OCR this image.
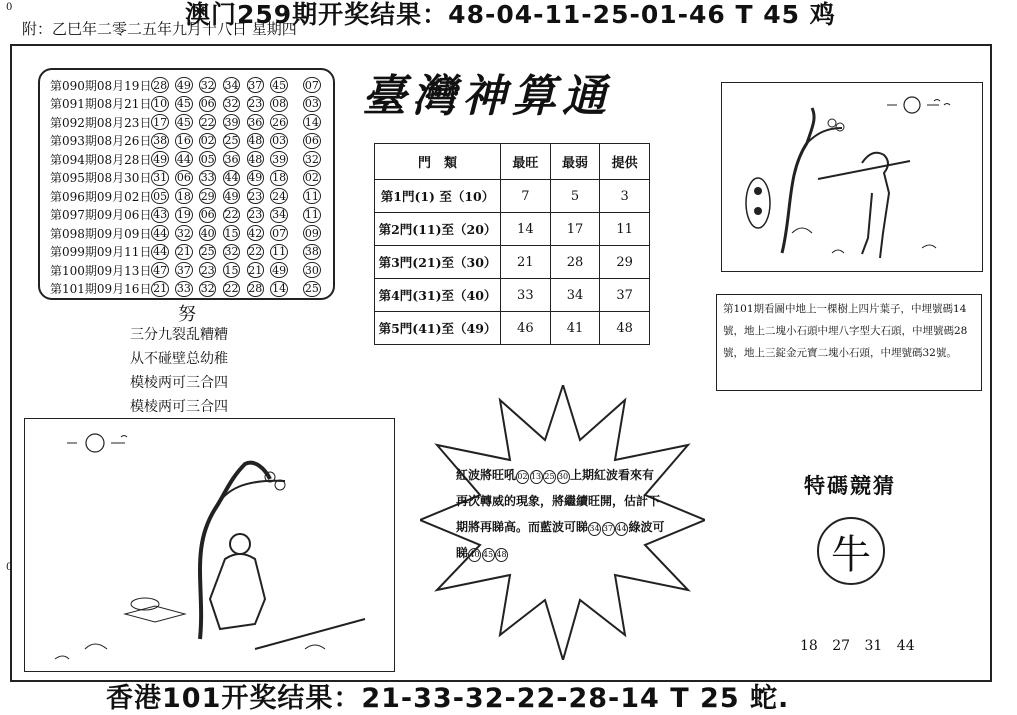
0
0
澳门259期开奖结果：48-04-11-25-01-46 T 45 鸡
附：乙巳年二零二五年九月十八日 星期四
第090期08月19日 28 49 32 34 37 45 07
第091期08月21日 10 45 06 32 23 08 03
第092期08月23日 17 45 22 39 36 26 14
第093期08月26日 38 16 02 25 48 03 06
第094期08月28日 49 44 05 36 48 39 32
第095期08月30日 31 06 33 44 49 18 02
第096期09月02日 05 18 29 49 23 24 11
第097期09月06日 43 19 06 22 23 34 11
第098期09月09日 44 32 40 15 42 07 09
第099期09月11日 44 21 25 32 22 11 38
第100期09月13日 47 37 23 15 21 49 30
第101期09月16日 21 33 32 22 28 14 25
努
三分九裂乱糟糟
从不碰壁总幼稚
模棱两可三合四
模棱两可三合四
臺灣神算通
門　類	最旺	最弱	提供
第1門(1) 至（10）	7	5	3
第2門(11)至（20）	14	17	11
第3門(21)至（30）	21	28	29
第4門(31)至（40）	33	34	37
第5門(41)至（49）	46	41	48
第101期看圖中地上一棵樹上四片葉子，中埋號碼14號，地上二塊小石頭中埋八字型大石頭，中埋號碼28號，地上三錠金元寶二塊小石頭，中埋號碼32號。
紅波將旺吼02 13 25 30 上期紅波看來有再次轉威的現象，將繼續旺開，估計下期將再睇高。而藍波可睇34 37 44 綠波可睇40 45 48
特碼競猜
牛
18 27 31 44
香港101开奖结果：21-33-32-22-28-14 T 25 蛇.
